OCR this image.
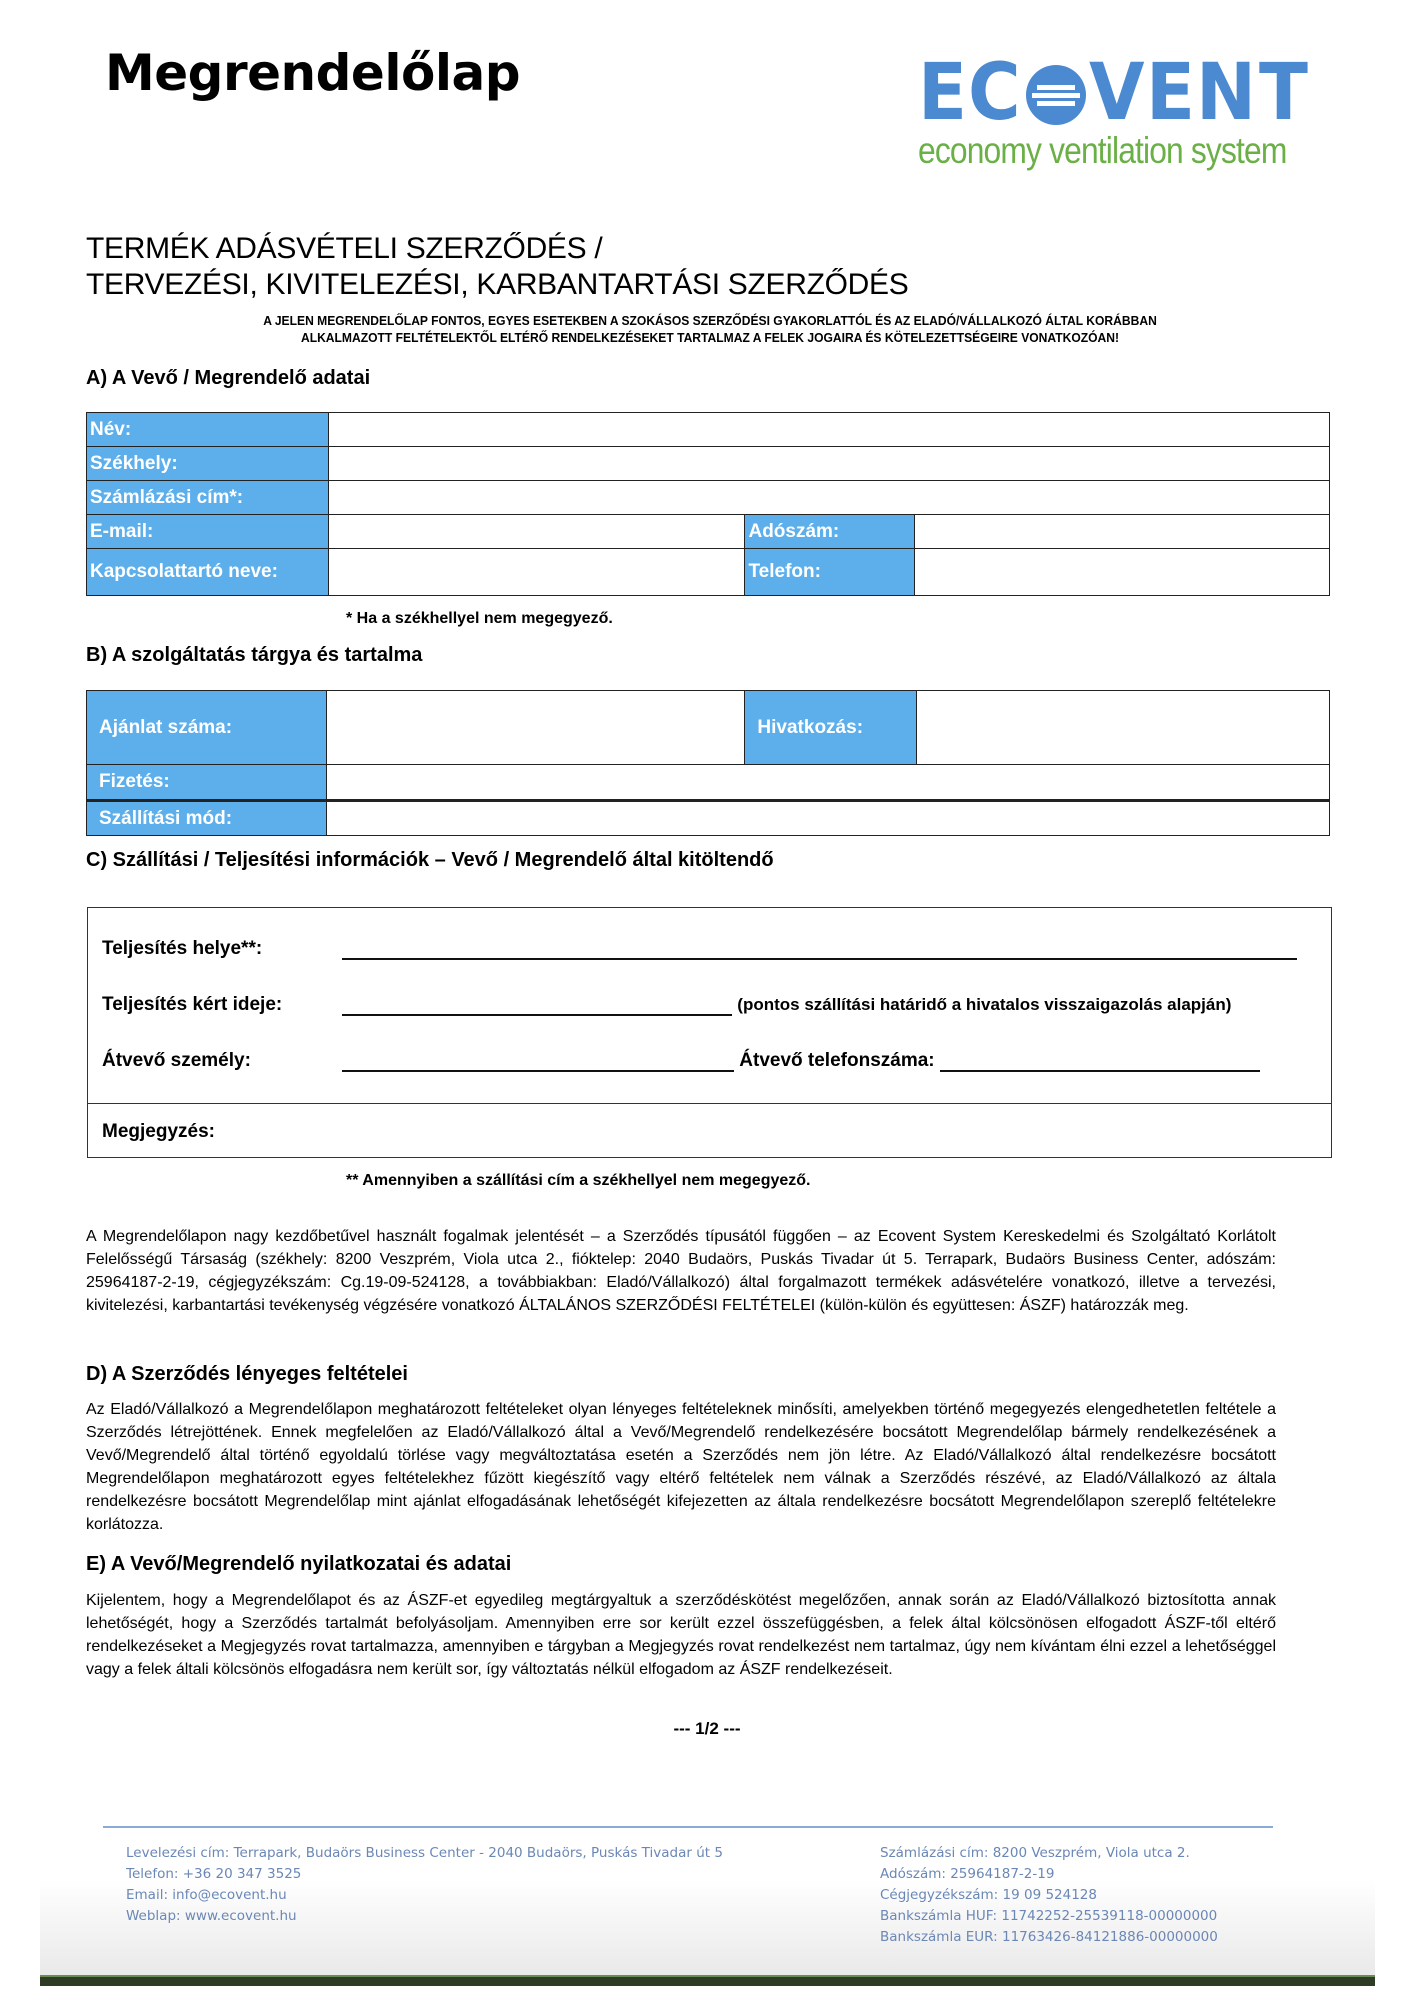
Megrendelőlap	E C V E N T
economy ventilation system
TERMÉK ADÁSVÉTELI SZERZŐDÉS /
TERVEZÉSI, KIVITELEZÉSI, KARBANTARTÁSI SZERZŐDÉS
A JELEN MEGRENDELŐLAP FONTOS, EGYES ESETEKBEN A SZOKÁSOS SZERZŐDÉSI GYAKORLATTÓL ÉS AZ ELADÓ/VÁLLALKOZÓ ÁLTAL KORÁBBAN
ALKALMAZOTT FELTÉTELEKTŐL ELTÉRŐ RENDELKEZÉSEKET TARTALMAZ A FELEK JOGAIRA ÉS KÖTELEZETTSÉGEIRE VONATKOZÓAN!
A) A Vevő / Megrendelő adatai
Név:			
Székhely:			
Számlázási cím*:			
E-mail:		Adószám:	
Kapcsolattartó neve:		Telefon:	
* Ha a székhellyel nem megegyező.
B) A szolgáltatás tárgya és tartalma
Ajánlat száma:		Hivatkozás:	
Fizetés:			
Szállítási mód:			
C) Szállítási / Teljesítési információk – Vevő / Megrendelő által kitöltendő
Teljesítés helye**:
Teljesítés kért ideje:	(pontos szállítási határidő a hivatalos visszaigazolás alapján)
Átvevő személy:	Átvevő telefonszáma:
Megjegyzés:
** Amennyiben a szállítási cím a székhellyel nem megegyező.
A Megrendelőlapon nagy kezdőbetűvel használt fogalmak jelentését – a Szerződés típusától függően – az Ecovent System Kereskedelmi és Szolgáltató Korlátolt Felelősségű Társaság (székhely: 8200 Veszprém, Viola utca 2., fióktelep: 2040 Budaörs, Puskás Tivadar út 5. Terrapark, Budaörs Business Center, adószám: 25964187-2-19, cégjegyzékszám: Cg.19-09-524128, a továbbiakban: Eladó/Vállalkozó) által forgalmazott termékek adásvételére vonatkozó, illetve a tervezési, kivitelezési, karbantartási tevékenység végzésére vonatkozó ÁLTALÁNOS SZERZŐDÉSI FELTÉTELEI (külön-külön és együttesen: ÁSZF) határozzák meg.
D) A Szerződés lényeges feltételei
Az Eladó/Vállalkozó a Megrendelőlapon meghatározott feltételeket olyan lényeges feltételeknek minősíti, amelyekben történő megegyezés elengedhetetlen feltétele a Szerződés létrejöttének. Ennek megfelelően az Eladó/Vállalkozó által a Vevő/Megrendelő rendelkezésére bocsátott Megrendelőlap bármely rendelkezésének a Vevő/Megrendelő által történő egyoldalú törlése vagy megváltoztatása esetén a Szerződés nem jön létre. Az Eladó/Vállalkozó által rendelkezésre bocsátott Megrendelőlapon meghatározott egyes feltételekhez fűzött kiegészítő vagy eltérő feltételek nem válnak a Szerződés részévé, az Eladó/Vállalkozó az általa rendelkezésre bocsátott Megrendelőlap mint ajánlat elfogadásának lehetőségét kifejezetten az általa rendelkezésre bocsátott Megrendelőlapon szereplő feltételekre korlátozza.
E) A Vevő/Megrendelő nyilatkozatai és adatai
Kijelentem, hogy a Megrendelőlapot és az ÁSZF-et egyedileg megtárgyaltuk a szerződéskötést megelőzően, annak során az Eladó/Vállalkozó biztosította annak lehetőségét, hogy a Szerződés tartalmát befolyásoljam. Amennyiben erre sor került ezzel összefüggésben, a felek által kölcsönösen elfogadott ÁSZF-től eltérő rendelkezéseket a Megjegyzés rovat tartalmazza, amennyiben e tárgyban a Megjegyzés rovat rendelkezést nem tartalmaz, úgy nem kívántam élni ezzel a lehetőséggel vagy a felek általi kölcsönös elfogadásra nem került sor, így változtatás nélkül elfogadom az ÁSZF rendelkezéseit.
--- 1/2 ---
Levelezési cím: Terrapark, Budaörs Business Center - 2040 Budaörs, Puskás Tivadar út 5
Telefon: +36 20 347 3525
Email: info@ecovent.hu
Weblap: www.ecovent.hu
Számlázási cím: 8200 Veszprém, Viola utca 2.
Adószám: 25964187-2-19
Cégjegyzékszám: 19 09 524128
Bankszámla HUF: 11742252-25539118-00000000
Bankszámla EUR: 11763426-84121886-00000000
